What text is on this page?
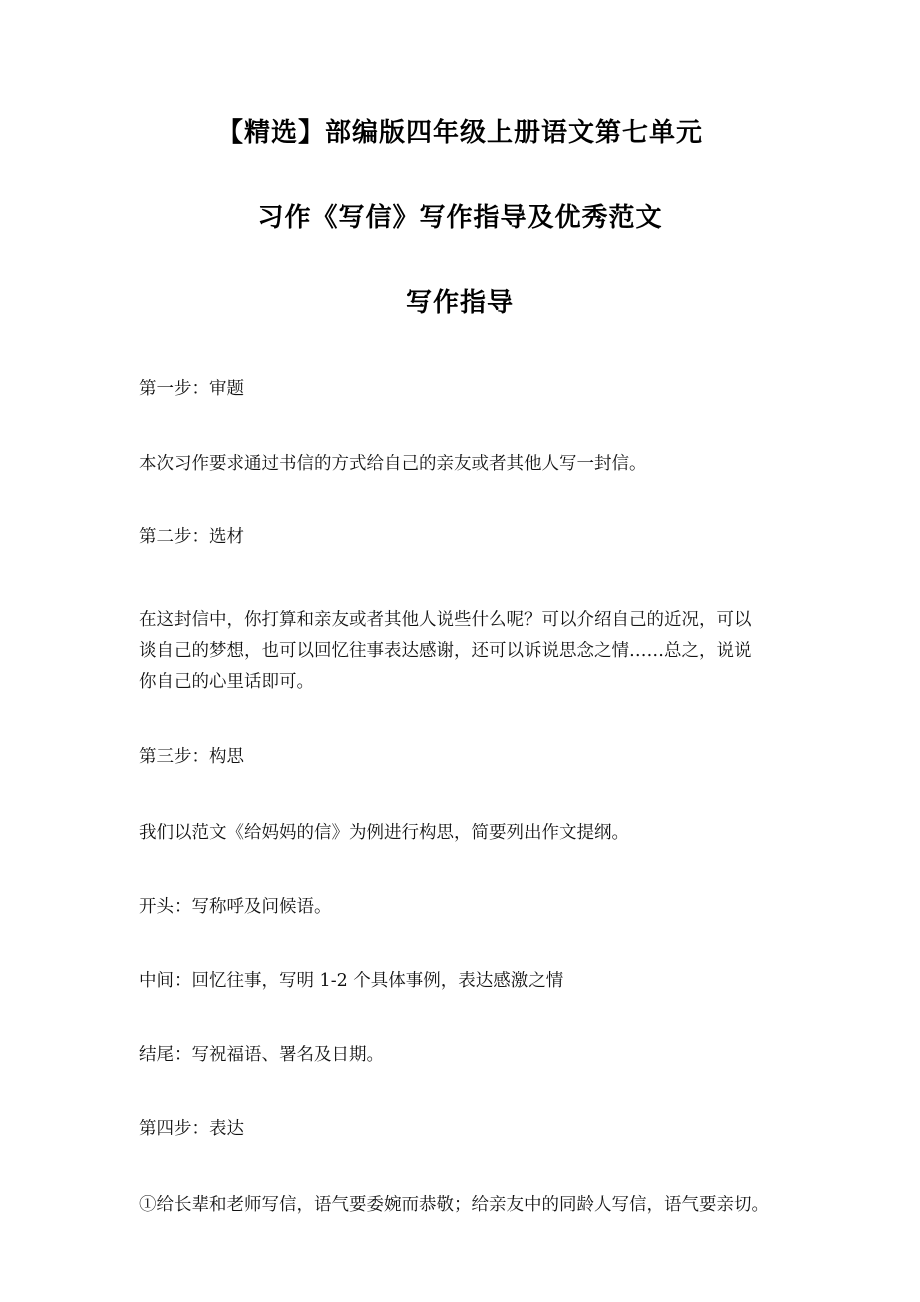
【精选】部编版四年级上册语文第七单元
习作《写信》写作指导及优秀范文
写作指导
第一步：审题
本次习作要求通过书信的方式给自己的亲友或者其他人写一封信。
第二步：选材
在这封信中，你打算和亲友或者其他人说些什么呢？可以介绍自己的近况，可以
谈自己的梦想，也可以回忆往事表达感谢，还可以诉说思念之情……总之，说说
你自己的心里话即可。
第三步：构思
我们以范文《给妈妈的信》为例进行构思，简要列出作文提纲。
开头：写称呼及问候语。
中间：回忆往事，写明 1-2 个具体事例，表达感激之情
结尾：写祝福语、署名及日期。
第四步：表达
①给长辈和老师写信，语气要委婉而恭敬；给亲友中的同龄人写信，语气要亲切。
